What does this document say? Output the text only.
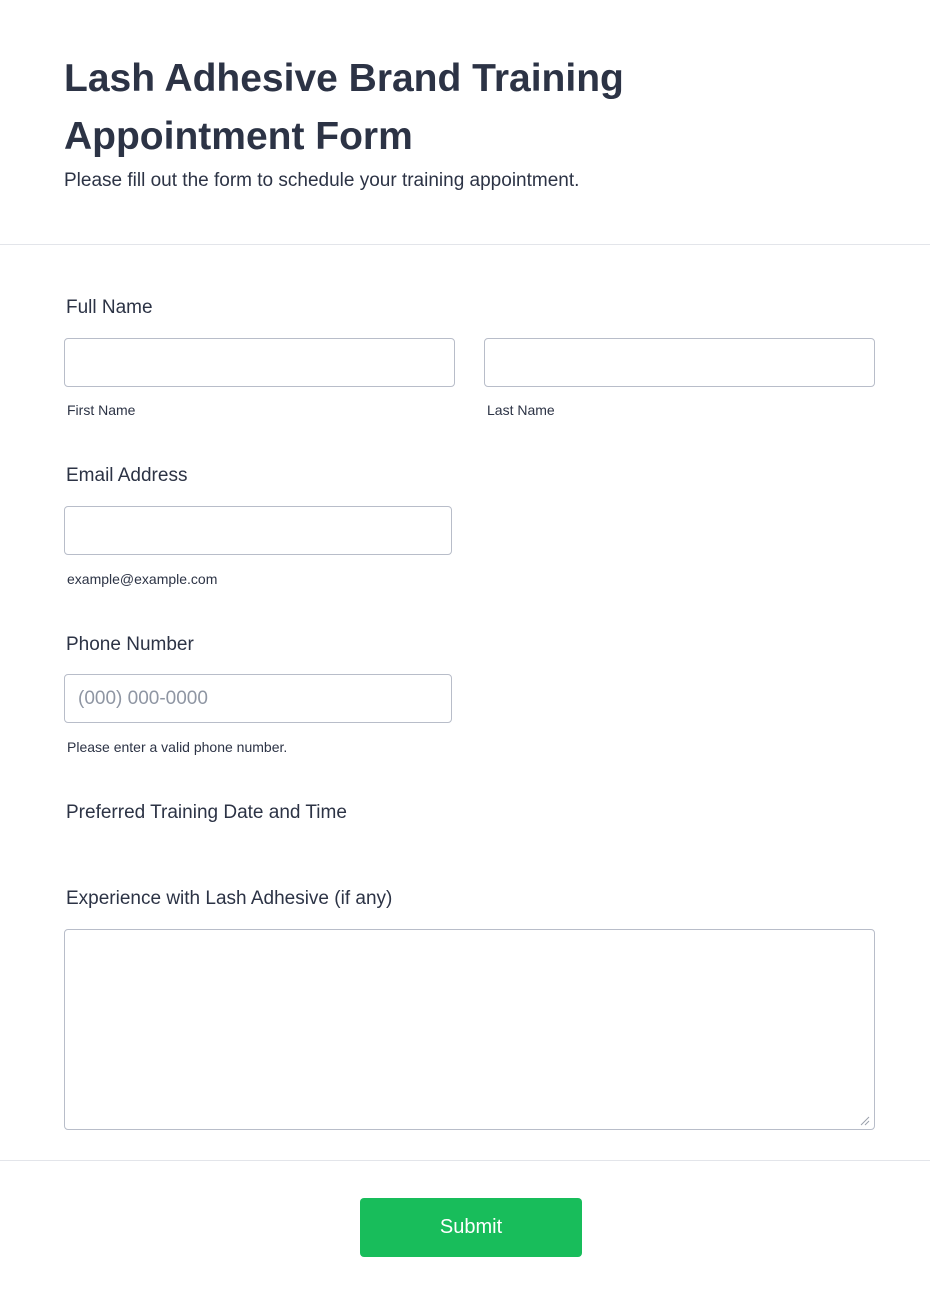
Lash Adhesive Brand Training Appointment Form

Please fill out the form to schedule your training appointment.

Full Name
First Name	Last Name
Email Address
example@example.com
Phone Number
(000) 000-0000
Please enter a valid phone number.
Preferred Training Date and Time
Experience with Lash Adhesive (if any)
Submit
